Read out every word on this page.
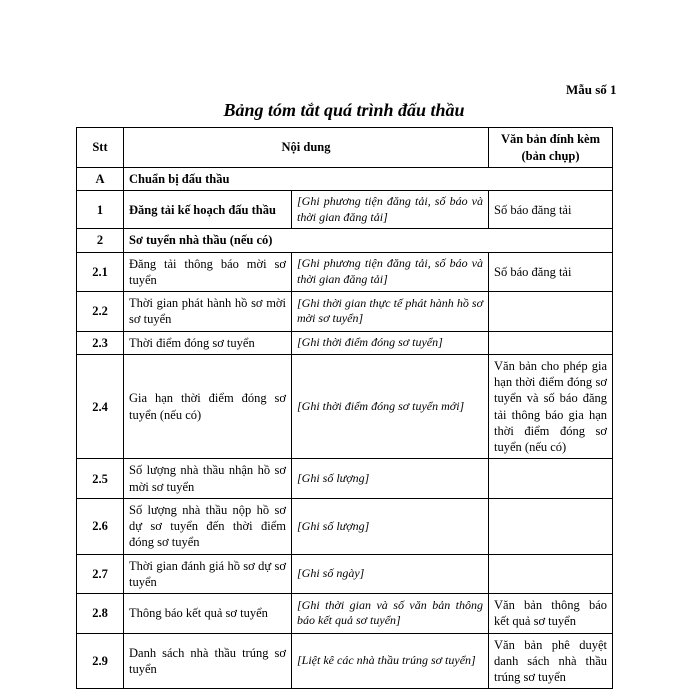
Mẫu số 1
Bảng tóm tắt quá trình đấu thầu
Stt	Nội dung		Văn bản đính kèm (bản chụp)
A	Chuẩn bị đấu thầu		
1	Đăng tải kế hoạch đấu thầu	[Ghi phương tiện đăng tải, số báo và thời gian đăng tải]	Số báo đăng tải
2	Sơ tuyển nhà thầu (nếu có)		
2.1	Đăng tải thông báo mời sơ tuyển	[Ghi phương tiện đăng tải, số báo và thời gian đăng tải]	Số báo đăng tải
2.2	Thời gian phát hành hồ sơ mời sơ tuyển	[Ghi thời gian thực tế phát hành hồ sơ mời sơ tuyển]	
2.3	Thời điểm đóng sơ tuyển	[Ghi thời điểm đóng sơ tuyển]	
2.4	Gia hạn thời điểm đóng sơ tuyển (nếu có)	[Ghi thời điểm đóng sơ tuyển mới]	Văn bản cho phép gia hạn thời điểm đóng sơ tuyển và số báo đăng tải thông báo gia hạn thời điểm đóng sơ tuyển (nếu có)
2.5	Số lượng nhà thầu nhận hồ sơ mời sơ tuyển	[Ghi số lượng]	
2.6	Số lượng nhà thầu nộp hồ sơ dự sơ tuyển đến thời điểm đóng sơ tuyển	[Ghi số lượng]	
2.7	Thời gian đánh giá hồ sơ dự sơ tuyển	[Ghi số ngày]	
2.8	Thông báo kết quả sơ tuyển	[Ghi thời gian và số văn bản thông báo kết quả sơ tuyển]	Văn bản thông báo kết quả sơ tuyển
2.9	Danh sách nhà thầu trúng sơ tuyển	[Liệt kê các nhà thầu trúng sơ tuyển]	Văn bản phê duyệt danh sách nhà thầu trúng sơ tuyển
